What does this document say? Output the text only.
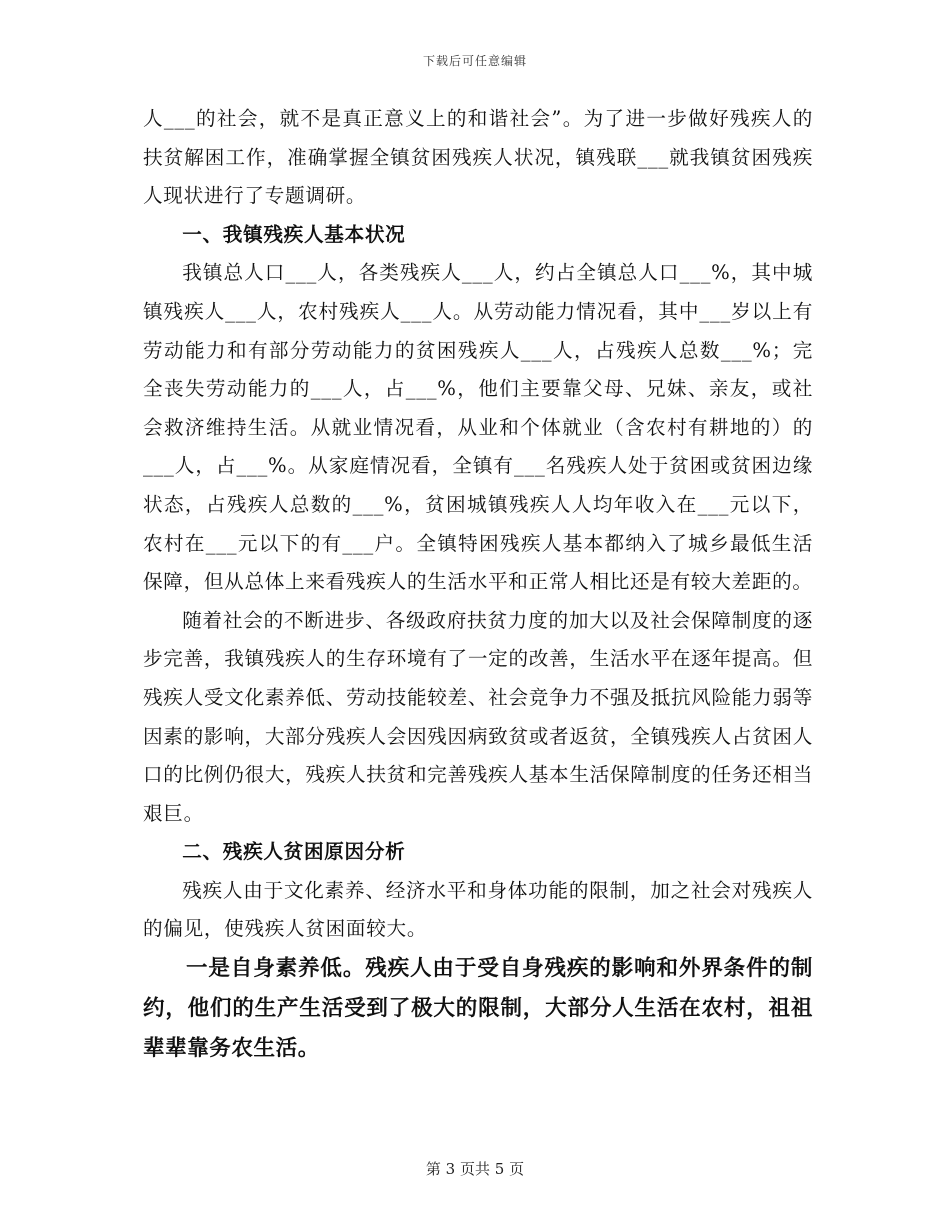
下载后可任意编辑

人___的社会，就不是真正意义上的和谐社会”。为了进一步做好残疾人的扶贫解困工作，准确掌握全镇贫困残疾人状况，镇残联___就我镇贫困残疾人现状进行了专题调研。

一、我镇残疾人基本状况

我镇总人口___人，各类残疾人___人，约占全镇总人口___%，其中城镇残疾人___人，农村残疾人___人。从劳动能力情况看，其中___岁以上有劳动能力和有部分劳动能力的贫困残疾人___人，占残疾人总数___%；完全丧失劳动能力的___人，占___%，他们主要靠父母、兄妹、亲友，或社会救济维持生活。从就业情况看，从业和个体就业（含农村有耕地的）的___人，占___%。从家庭情况看，全镇有___名残疾人处于贫困或贫困边缘状态，占残疾人总数的___%，贫困城镇残疾人人均年收入在___元以下，农村在___元以下的有___户。全镇特困残疾人基本都纳入了城乡最低生活保障，但从总体上来看残疾人的生活水平和正常人相比还是有较大差距的。

随着社会的不断进步、各级政府扶贫力度的加大以及社会保障制度的逐步完善，我镇残疾人的生存环境有了一定的改善，生活水平在逐年提高。但残疾人受文化素养低、劳动技能较差、社会竞争力不强及抵抗风险能力弱等因素的影响，大部分残疾人会因残因病致贫或者返贫，全镇残疾人占贫困人口的比例仍很大，残疾人扶贫和完善残疾人基本生活保障制度的任务还相当艰巨。

二、残疾人贫困原因分析

残疾人由于文化素养、经济水平和身体功能的限制，加之社会对残疾人的偏见，使残疾人贫困面较大。

一是自身素养低。残疾人由于受自身残疾的影响和外界条件的制约，他们的生产生活受到了极大的限制，大部分人生活在农村，祖祖辈辈靠务农生活。

第 3 页共 5 页
